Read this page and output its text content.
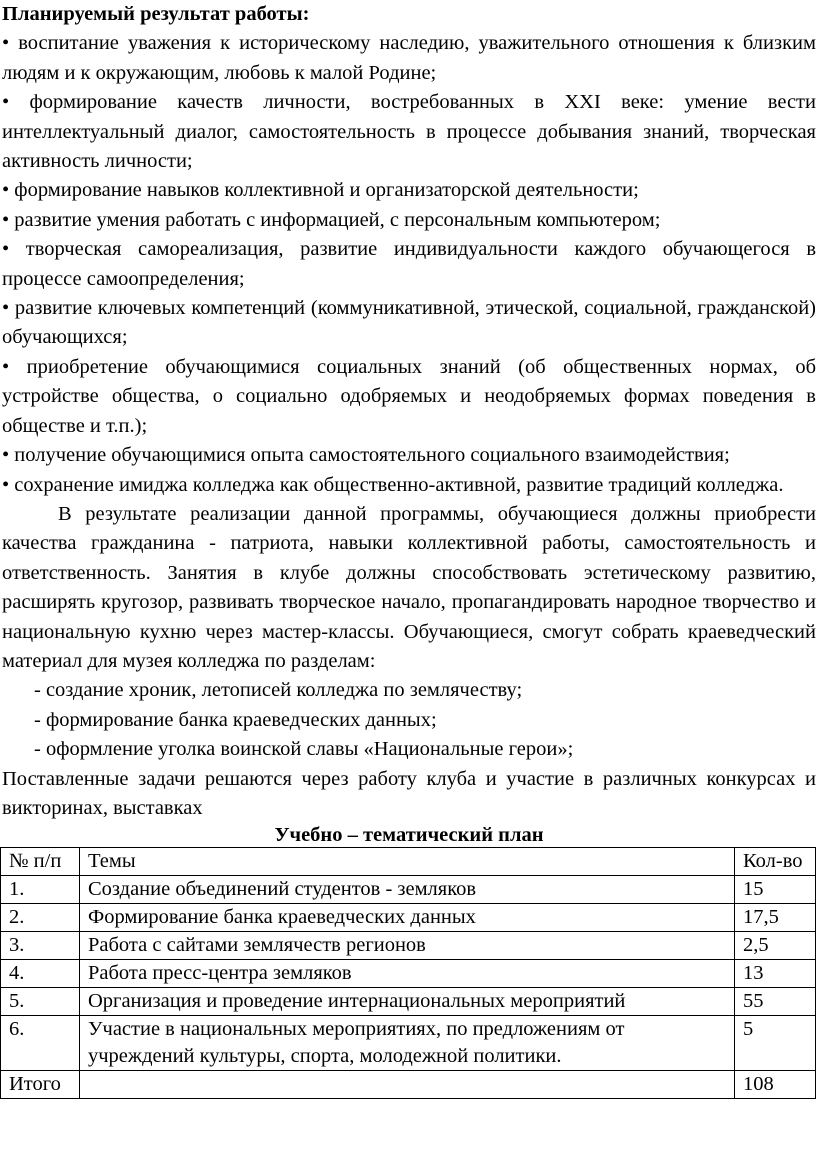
Планируемый результат работы:

• воспитание уважения к историческому наследию, уважительного отношения к близким людям и к окружающим, любовь к малой Родине;

• формирование качеств личности, востребованных в XXI веке: умение вести интеллектуальный диалог, самостоятельность в процессе добывания знаний, творческая активность личности;

• формирование навыков коллективной и организаторской деятельности;

• развитие умения работать с информацией, с персональным компьютером;

• творческая самореализация, развитие индивидуальности каждого обучающегося в процессе самоопределения;

• развитие ключевых компетенций (коммуникативной, этической, социальной, гражданской) обучающихся;

• приобретение обучающимися социальных знаний (об общественных нормах, об устройстве общества, о социально одобряемых и неодобряемых формах поведения в обществе и т.п.);

• получение обучающимися опыта самостоятельного социального взаимодействия;

• сохранение имиджа колледжа как общественно-активной, развитие традиций колледжа.

В результате реализации данной программы, обучающиеся должны приобрести качества гражданина - патриота, навыки коллективной работы, самостоятельность и ответственность. Занятия в клубе должны способствовать эстетическому развитию, расширять кругозор, развивать творческое начало, пропагандировать народное творчество и национальную кухню через мастер-классы. Обучающиеся, смогут собрать краеведческий материал для музея колледжа по разделам:

- создание хроник, летописей колледжа по землячеству;

- формирование банка краеведческих данных;

- оформление уголка воинской славы «Национальные герои»;

Поставленные задачи решаются через работу клуба и участие в различных конкурсах и викторинах, выставках

Учебно – тематический план

№ п/п	Темы	Кол-во
1.	Создание объединений студентов - земляков	15
2.	Формирование банка краеведческих данных	17,5
3.	Работа с сайтами землячеств регионов	2,5
4.	Работа пресс-центра земляков	13
5.	Организация и проведение интернациональных мероприятий	55
6.	Участие в национальных мероприятиях, по предложениям от учреждений культуры, спорта, молодежной политики.	5
Итого		108
